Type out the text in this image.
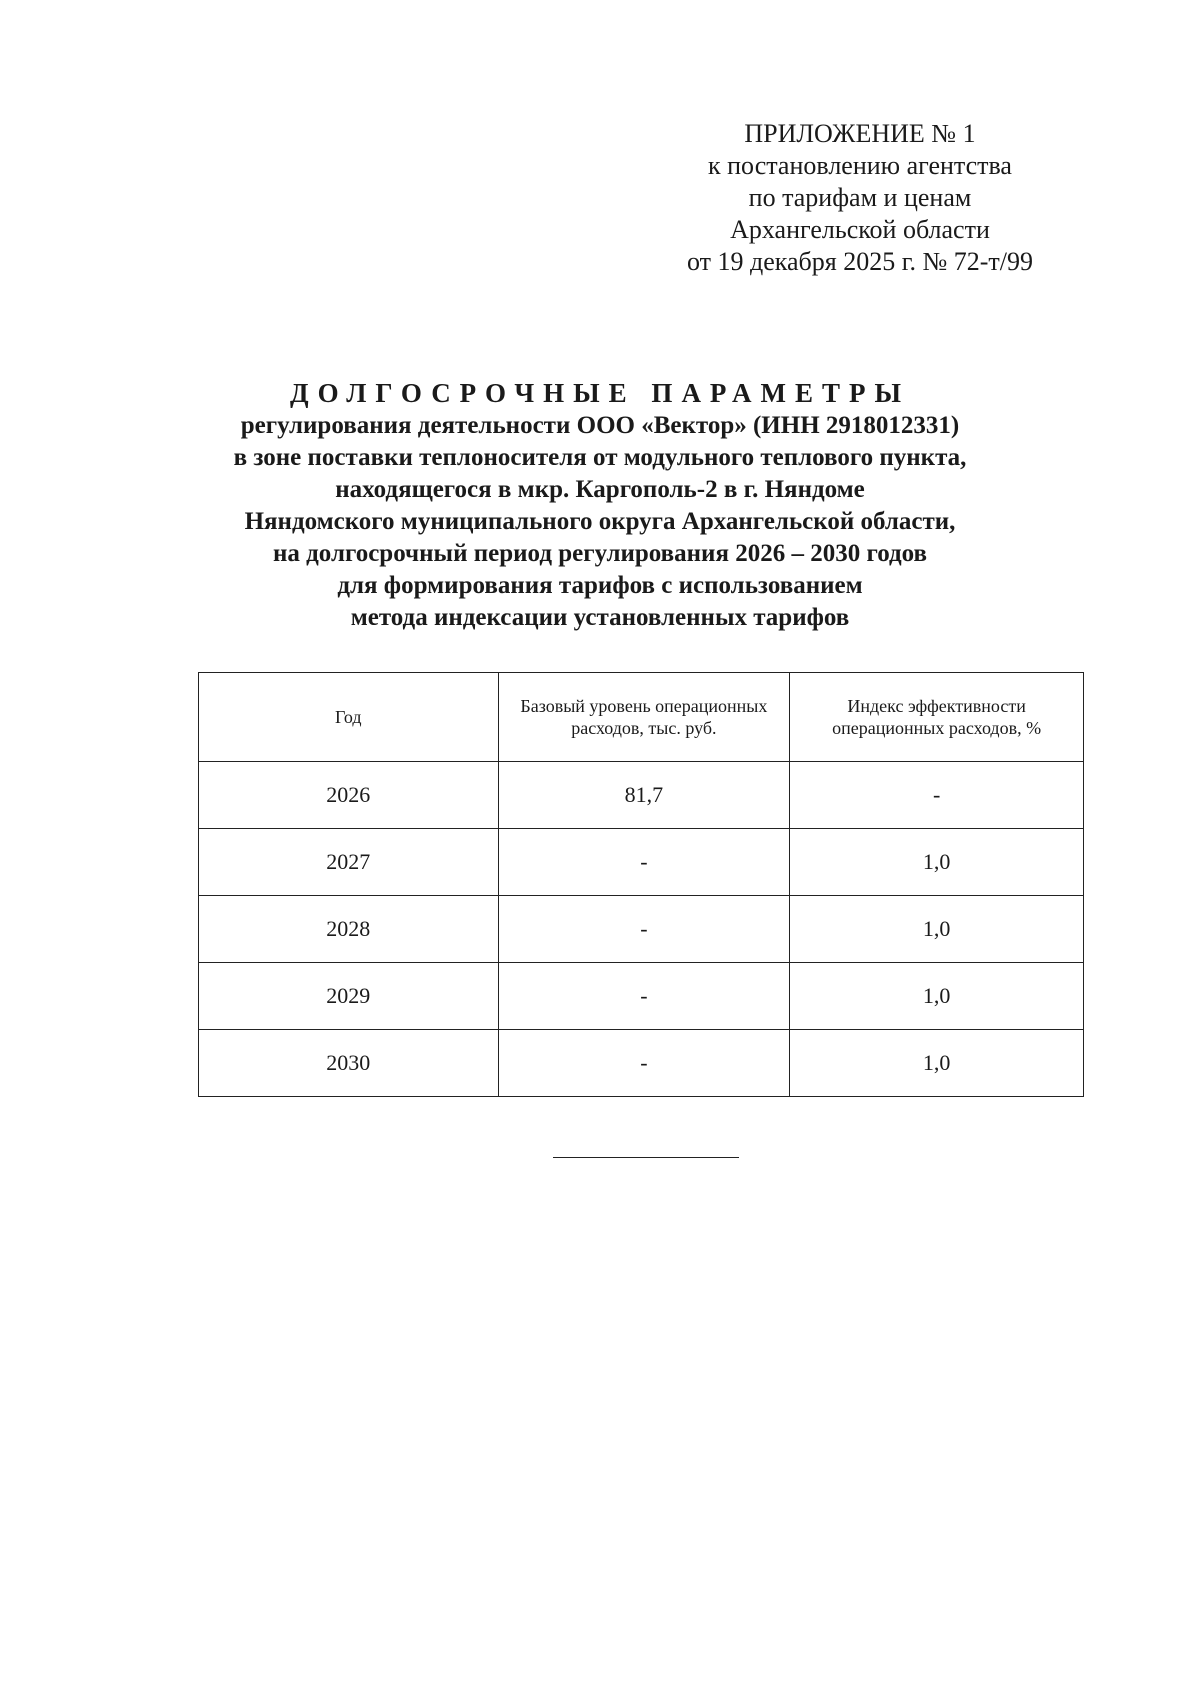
ПРИЛОЖЕНИЕ № 1
к постановлению агентства
по тарифам и ценам
Архангельской области
от 19 декабря 2025 г. № 72-т/99
ДОЛГОСРОЧНЫЕ ПАРАМЕТРЫ
регулирования деятельности ООО «Вектор» (ИНН 2918012331)
в зоне поставки теплоносителя от модульного теплового пункта,
находящегося в мкр. Каргополь-2 в г. Няндоме
Няндомского муниципального округа Архангельской области,
на долгосрочный период регулирования 2026 – 2030 годов
для формирования тарифов с использованием
метода индексации установленных тарифов
Год	Базовый уровень операционных расходов, тыс. руб.	Индекс эффективности операционных расходов, %
2026	81,7	-
2027	-	1,0
2028	-	1,0
2029	-	1,0
2030	-	1,0
